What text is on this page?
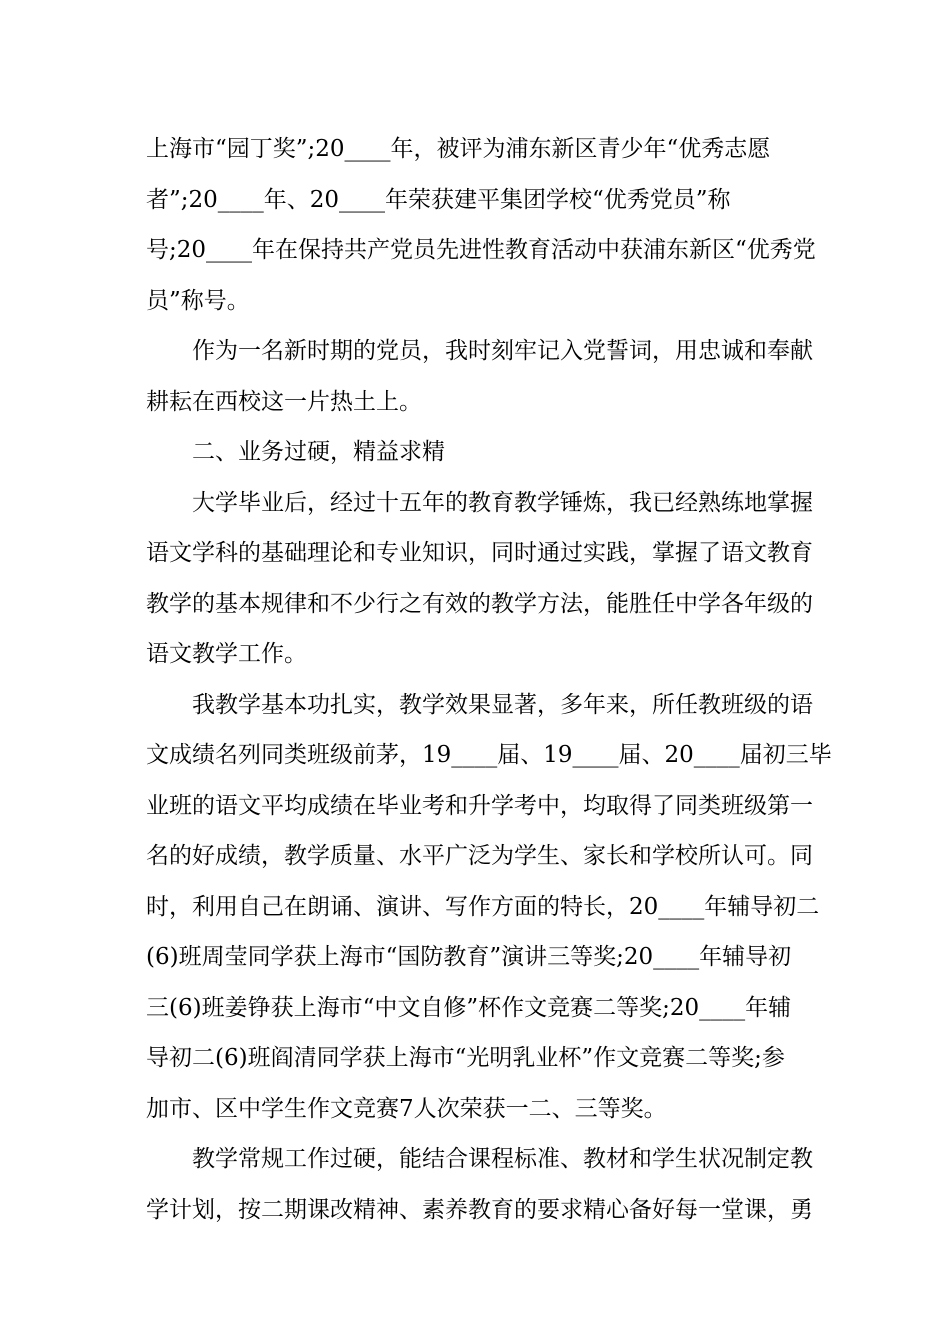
上海市“园丁奖”;20____年，被评为浦东新区青少年“优秀志愿
者”;20____年、20____年荣获建平集团学校“优秀党员”称
号;20____年在保持共产党员先进性教育活动中获浦东新区“优秀党
员”称号。
作为一名新时期的党员，我时刻牢记入党誓词，用忠诚和奉献
耕耘在西校这一片热土上。
二、业务过硬，精益求精
大学毕业后，经过十五年的教育教学锤炼，我已经熟练地掌握
语文学科的基础理论和专业知识，同时通过实践，掌握了语文教育
教学的基本规律和不少行之有效的教学方法，能胜任中学各年级的
语文教学工作。
我教学基本功扎实，教学效果显著，多年来，所任教班级的语
文成绩名列同类班级前茅，19____届、19____届、20____届初三毕
业班的语文平均成绩在毕业考和升学考中，均取得了同类班级第一
名的好成绩，教学质量、水平广泛为学生、家长和学校所认可。同
时，利用自己在朗诵、演讲、写作方面的特长，20____年辅导初二
(6)班周莹同学获上海市“国防教育”演讲三等奖;20____年辅导初
三(6)班姜铮获上海市“中文自修”杯作文竞赛二等奖;20____年辅
导初二(6)班阎清同学获上海市“光明乳业杯”作文竞赛二等奖;参
加市、区中学生作文竞赛7人次荣获一二、三等奖。
教学常规工作过硬，能结合课程标准、教材和学生状况制定教
学计划，按二期课改精神、素养教育的要求精心备好每一堂课，勇
